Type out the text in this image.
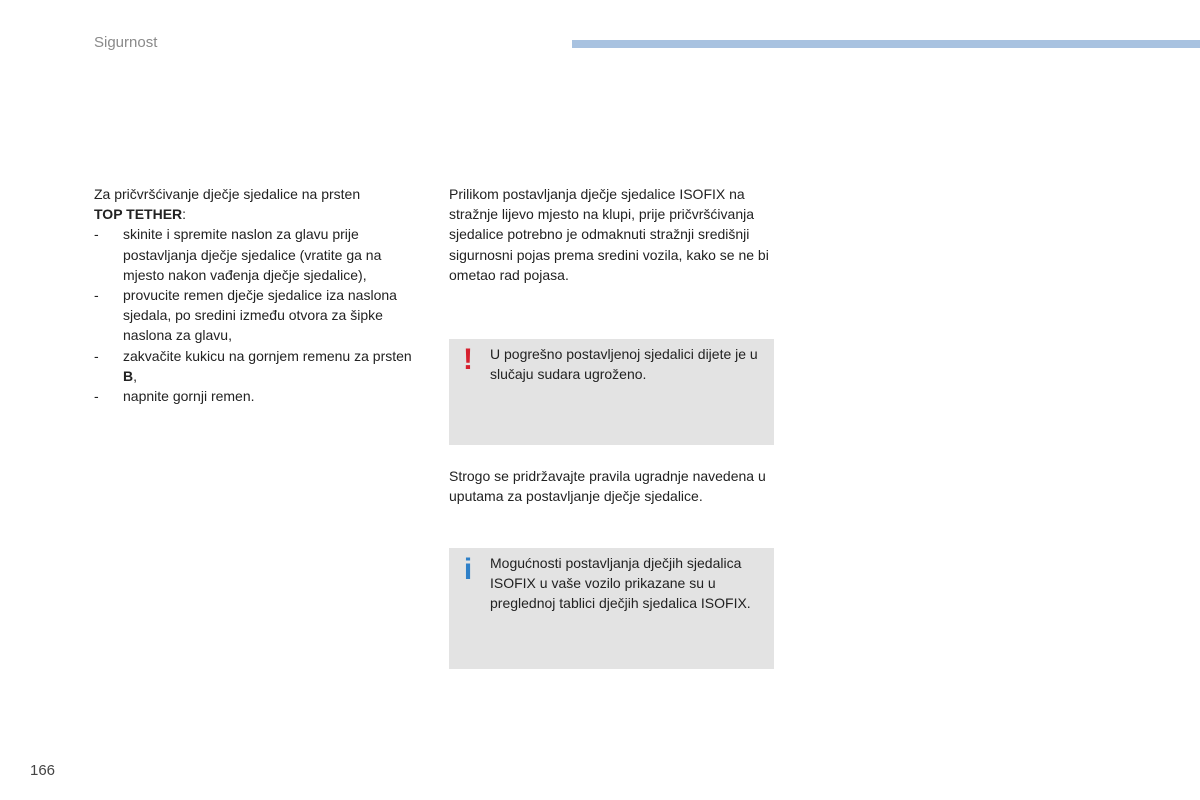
Sigurnost

Za pričvršćivanje dječje sjedalice na prsten
TOP TETHER:

- skinite i spremite naslon za glavu prije postavljanja dječje sjedalice (vratite ga na mjesto nakon vađenja dječje sjedalice),
- provucite remen dječje sjedalice iza naslona sjedala, po sredini između otvora za šipke naslona za glavu,
- zakvačite kukicu na gornjem remenu za prsten B,
- napnite gornji remen.

Prilikom postavljanja dječje sjedalice ISOFIX na stražnje lijevo mjesto na klupi, prije pričvršćivanja sjedalice potrebno je odmaknuti stražnji središnji sigurnosni pojas prema sredini vozila, kako se ne bi ometao rad pojasa.

! U pogrešno postavljenoj sjedalici dijete je u slučaju sudara ugroženo.

Strogo se pridržavajte pravila ugradnje navedena u uputama za postavljanje dječje sjedalice.

i Mogućnosti postavljanja dječjih sjedalica ISOFIX u vaše vozilo prikazane su u preglednoj tablici dječjih sjedalica ISOFIX.
166
